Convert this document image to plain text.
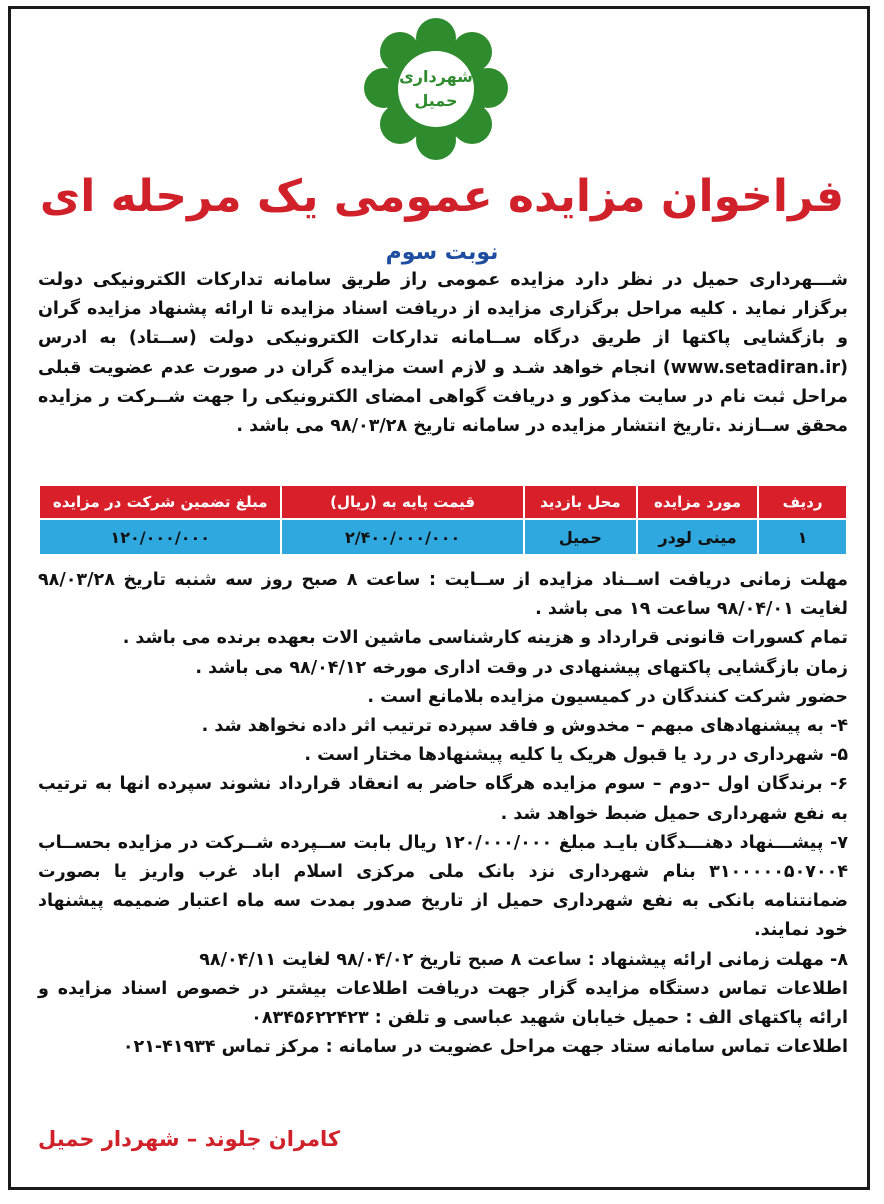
شهرداری
حمیل
فراخوان مزایده عمومی یک مرحله ای
نوبت سوم

شـــهرداری حمیل در نظر دارد مزایده عمومی راز طریق سامانه تدارکات الکترونیکی دولت برگزار نماید . کلیه مراحل برگزاری مزایده از دریافت اسناد مزایده تا ارائه پشنهاد مزایده گران و بازگشایی پاکتها از طریق درگاه ســامانه تدارکات الکترونیکی دولت (ســتاد) به ادرس (www.setadiran.ir) انجام خواهد شـد و لازم است مزایده گران در صورت عدم عضویت قبلی مراحل ثبت نام در سایت مذکور و دریافت گواهی امضای الکترونیکی را جهت شــرکت ر مزایده محقق ســازند .تاریخ انتشار مزایده در سامانه تاریخ ۹۸/۰۳/۲۸ می باشد .

ردیف	مورد مزایده	محل بازدید	قیمت پایه به (ریال)	مبلغ تضمین شرکت در مزایده
۱	مینی لودر	حمیل	۲/۴۰۰/۰۰۰/۰۰۰	۱۲۰/۰۰۰/۰۰۰

مهلت زمانی دریافت اســناد مزایده از ســایت : ساعت ۸ صبح روز سه شنبه تاریخ ۹۸/۰۳/۲۸ لغایت ۹۸/۰۴/۰۱ ساعت ۱۹ می باشد .

تمام کسورات قانونی قرارداد و هزینه کارشناسی ماشین الات بعهده برنده می باشد .

زمان بازگشایی پاکتهای پیشنهادی در وقت اداری مورخه ۹۸/۰۴/۱۲ می باشد .

حضور شرکت کنندگان در کمیسیون مزایده بلامانع است .

۴- به پیشنهادهای مبهم – مخدوش و فاقد سپرده ترتیب اثر داده نخواهد شد .

۵- شهرداری در رد یا قبول هریک یا کلیه پیشنهادها مختار است .

۶- برندگان اول –دوم – سوم مزایده هرگاه حاضر به انعقاد قرارداد نشوند سپرده انها به ترتیب به نفع شهرداری حمیل ضبط خواهد شد .

۷- پیشـــنهاد دهنـــدگان بایـد مبلغ ۱۲۰/۰۰۰/۰۰۰ ریال بابت ســپرده شــرکت در مزایده بحســاب ۳۱۰۰۰۰۰۵۰۷۰۰۴ بنام شهرداری نزد بانک ملی مرکزی اسلام اباد غرب واریز یا بصورت ضمانتنامه بانکی به نفع شهرداری حمیل از تاریخ صدور بمدت سه ماه اعتبار ضمیمه پیشنهاد خود نمایند.

۸- مهلت زمانی ارائه پیشنهاد : ساعت ۸ صبح تاریخ ۹۸/۰۴/۰۲ لغایت ۹۸/۰۴/۱۱

اطلاعات تماس دستگاه مزایده گزار جهت دریافت اطلاعات بیشتر در خصوص اسناد مزایده و ارائه پاکتهای الف : حمیل خیابان شهید عباسی و تلفن : ۰۸۳۴۵۶۲۲۴۲۳

اطلاعات تماس سامانه ستاد جهت مراحل عضویت در سامانه : مرکز تماس ۴۱۹۳۴-۰۲۱

کامران جلوند – شهردار حمیل
